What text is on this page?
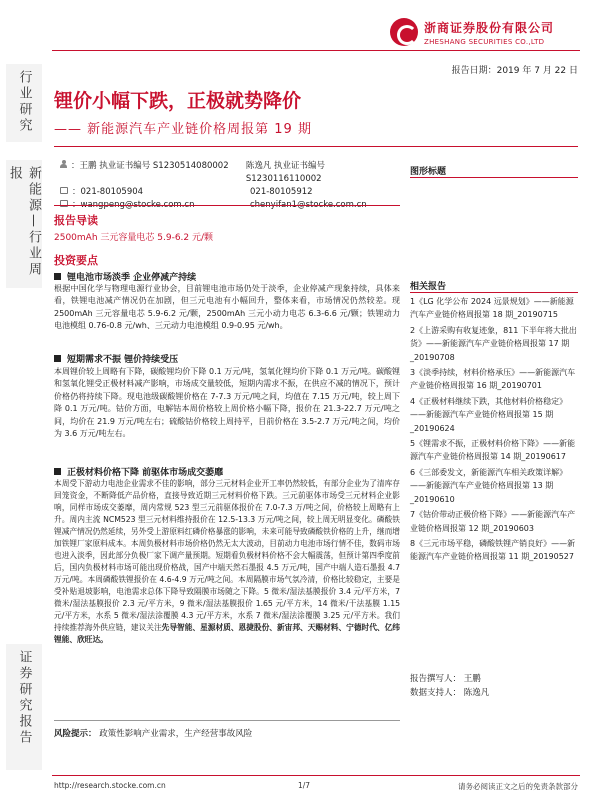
浙商证券股份有限公司
ZHESHANG SECURITIES CO.,LTD
行业研究
新能源—行业周报
证券研究报告
报告日期：2019 年 7 月 22 日
锂价小幅下跌，正极就势降价
—— 新能源汽车产业链价格周报第 19 期
：王鹏 执业证书编号 S1230514080002	陈逸凡 执业证书编号 S1230116110002
：021-80105904	021-80105912
：wangpeng@stocke.com.cn	chenyifan1@stocke.com.cn
报告导读
2500mAh 三元容量电芯 5.9-6.2 元/颗
投资要点
锂电池市场淡季 企业停减产持续
根据中国化学与物理电源行业协会，目前锂电池市场仍处于淡季，企业停减产现象持续，具体来看，铁锂电池减产情况仍在加剧，但三元电池有小幅回升，整体来看，市场情况仍然较差。现 2500mAh 三元容量电芯 5.9-6.2 元/颗，2500mAh 三元小动力电芯 6.3-6.6 元/颗；铁锂动力电池模组 0.76-0.8 元/wh、三元动力电池模组 0.9-0.95 元/wh。
短期需求不振 锂价持续受压
本周锂价较上周略有下降，碳酸锂均价下降 0.1 万元/吨，氢氧化锂均价下降 0.1 万元/吨。碳酸锂和氢氧化锂受正极材料减产影响，市场成交量较低，短期内需求不振，在供应不减的情况下，预计价格仍将持续下降。现电池级碳酸锂价格在 7-7.3 万元/吨之间，均值在 7.15 万元/吨，较上周下降 0.1 万元/吨。钴价方面，电解钴本周价格较上周价格小幅下降，报价在 21.3-22.7 万元/吨之间，均价在 21.9 万元/吨左右；硫酸钴价格较上周持平，目前价格在 3.5-2.7 万元/吨之间，均价为 3.6 万元/吨左右。
正极材料价格下降 前驱体市场成交萎靡
本周受下游动力电池企业需求不佳的影响，部分三元材料企业开工率仍然较低，有部分企业为了清库存回笼资金，不断降低产品价格，直接导致近期三元材料价格下跌。三元前驱体市场受三元材料企业影响，同样市场成交萎靡，周内常规 523 型三元前驱体报价在 7.0-7.3 万/吨之间，价格较上周略有上升。周内主流 NCM523 型三元材料维持报价在 12.5-13.3 万元/吨之间，较上周无明显变化。磷酸铁锂减产情况仍然延续，另外受上游原料红磷价格暴涨的影响，未来可能导致磷酸铁价格的上升，继而增加铁锂厂家原料成本。本周负极材料市场价格仍然无太大波动，目前动力电池市场行情不佳，数码市场也进入淡季，因此部分负极厂家下调产量预期。短期看负极材料价格不会大幅震荡，但预计第四季度前后，国内负极材料市场可能出现价格战，国产中端天然石墨报 4.5 万元/吨，国产中端人造石墨报 4.7 万元/吨。本周磷酸铁锂报价在 4.6-4.9 万元/吨之间。本周隔膜市场气氛冷清，价格比较稳定，主要是受补贴退坡影响，电池需求总体下降导致隔膜市场随之下降。5 微米/湿法基膜报价 3.4 元/平方米，7 微米/湿法基膜报价 2.3 元/平方米，9 微米/湿法基膜报价 1.65 元/平方米，14 微米/干法基膜 1.15 元/平方米，水系 5 微米/湿法涂覆膜 4.3 元/平方米，水系 7 微米/湿法涂覆膜 3.25 元/平方米。我们持续推荐海外供应链，建议关注先导智能、星源材质、恩捷股份、新宙邦、天赐材料、宁德时代、亿纬锂能、欣旺达。
风险提示： 政策性影响产业需求，生产经营事故风险
图形标题
相关报告
1《LG 化学公布 2024 远景规划》——新能源汽车产业链价格周报第 18 期_20190715
2《上游采购有收复迹象，811 下半年将大批出货》——新能源汽车产业链价格周报第 17 期_20190708
3《淡季持续，材料价格承压》——新能源汽车产业链价格周报第 16 期_20190701
4《正极材料继续下跌，其他材料价格稳定》——新能源汽车产业链价格周报第 15 期_20190624
5《锂需求不振，正极材料价格下降》——新能源汽车产业链价格周报第 14 期_20190617
6《三部委发文，新能源汽车相关政策详解》——新能源汽车产业链价格周报第 13 期_20190610
7《钴价带动正极价格下降》——新能源汽车产业链价格周报第 12 期_20190603
8《三元市场平稳，磷酸铁锂产销良好》——新能源汽车产业链价格周报第 11 期_20190527
报告撰写人： 王鹏
数据支持人： 陈逸凡
http://research.stocke.com.cn	1/7	请务必阅读正文之后的免责条款部分
